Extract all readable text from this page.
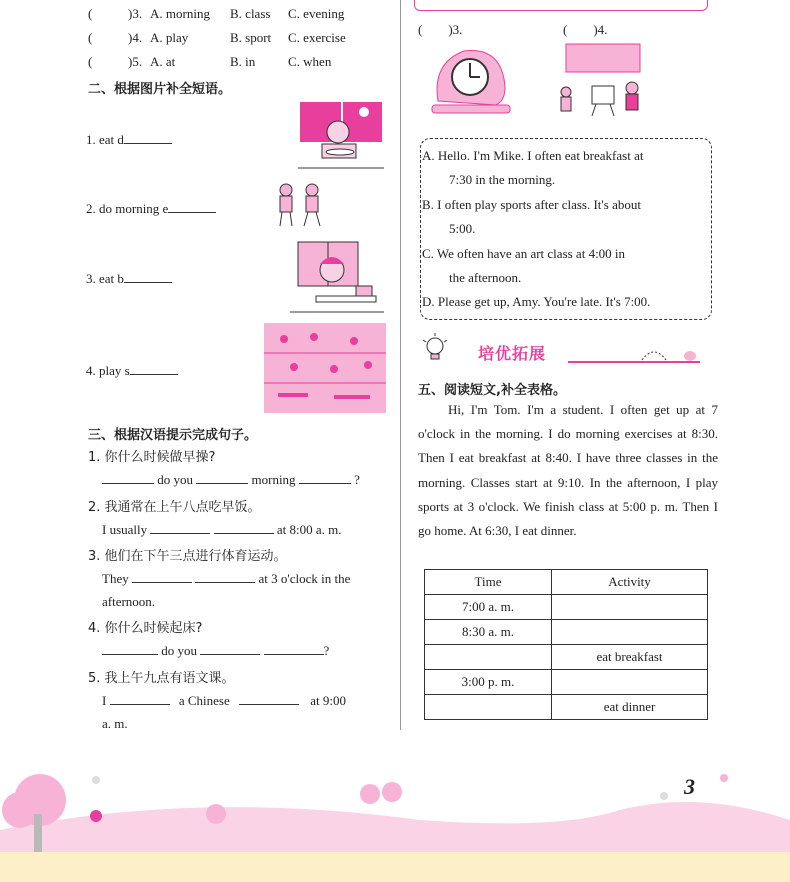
(	)3. A. morning B. class C. evening
(	)4. A. play	B. sport C. exercise
(	)5. A. at	B. in	C. when
二、根据图片补全短语。
1. eat d
2. do morning e
3. eat b
4. play s
三、根据汉语提示完成句子。
1. 你什么时候做早操?
do you	morning	?
2. 我通常在上午八点吃早饭。
I usually	at 8:00 a. m.
3. 他们在下午三点进行体育运动。
They	at 3 o'clock in the
afternoon.
4. 你什么时候起床?
do you	?
5. 我上午九点有语文课。
I	a Chinese	at 9:00
a. m.
(　　)3.	(　　)4.
A. Hello. I'm Mike. I often eat breakfast at
7:30 in the morning.
B. I often play sports after class. It's about
5:00.
C. We often have an art class at 4:00 in
the afternoon.
D. Please get up, Amy. You're late. It's 7:00.
培优拓展
五、阅读短文,补全表格。
Hi, I'm Tom. I'm a student. I often get up at 7 o'clock in the morning. I do morning exercises at 8:30. Then I eat breakfast at 8:40. I have three classes in the morning. Classes start at 9:10. In the afternoon, I play sports at 3 o'clock. We finish class at 5:00 p. m. Then I go home. At 6:30, I eat dinner.
Time	Activity
7:00 a. m.	
8:30 a. m.	
	eat breakfast
3:00 p. m.	
	eat dinner
3
